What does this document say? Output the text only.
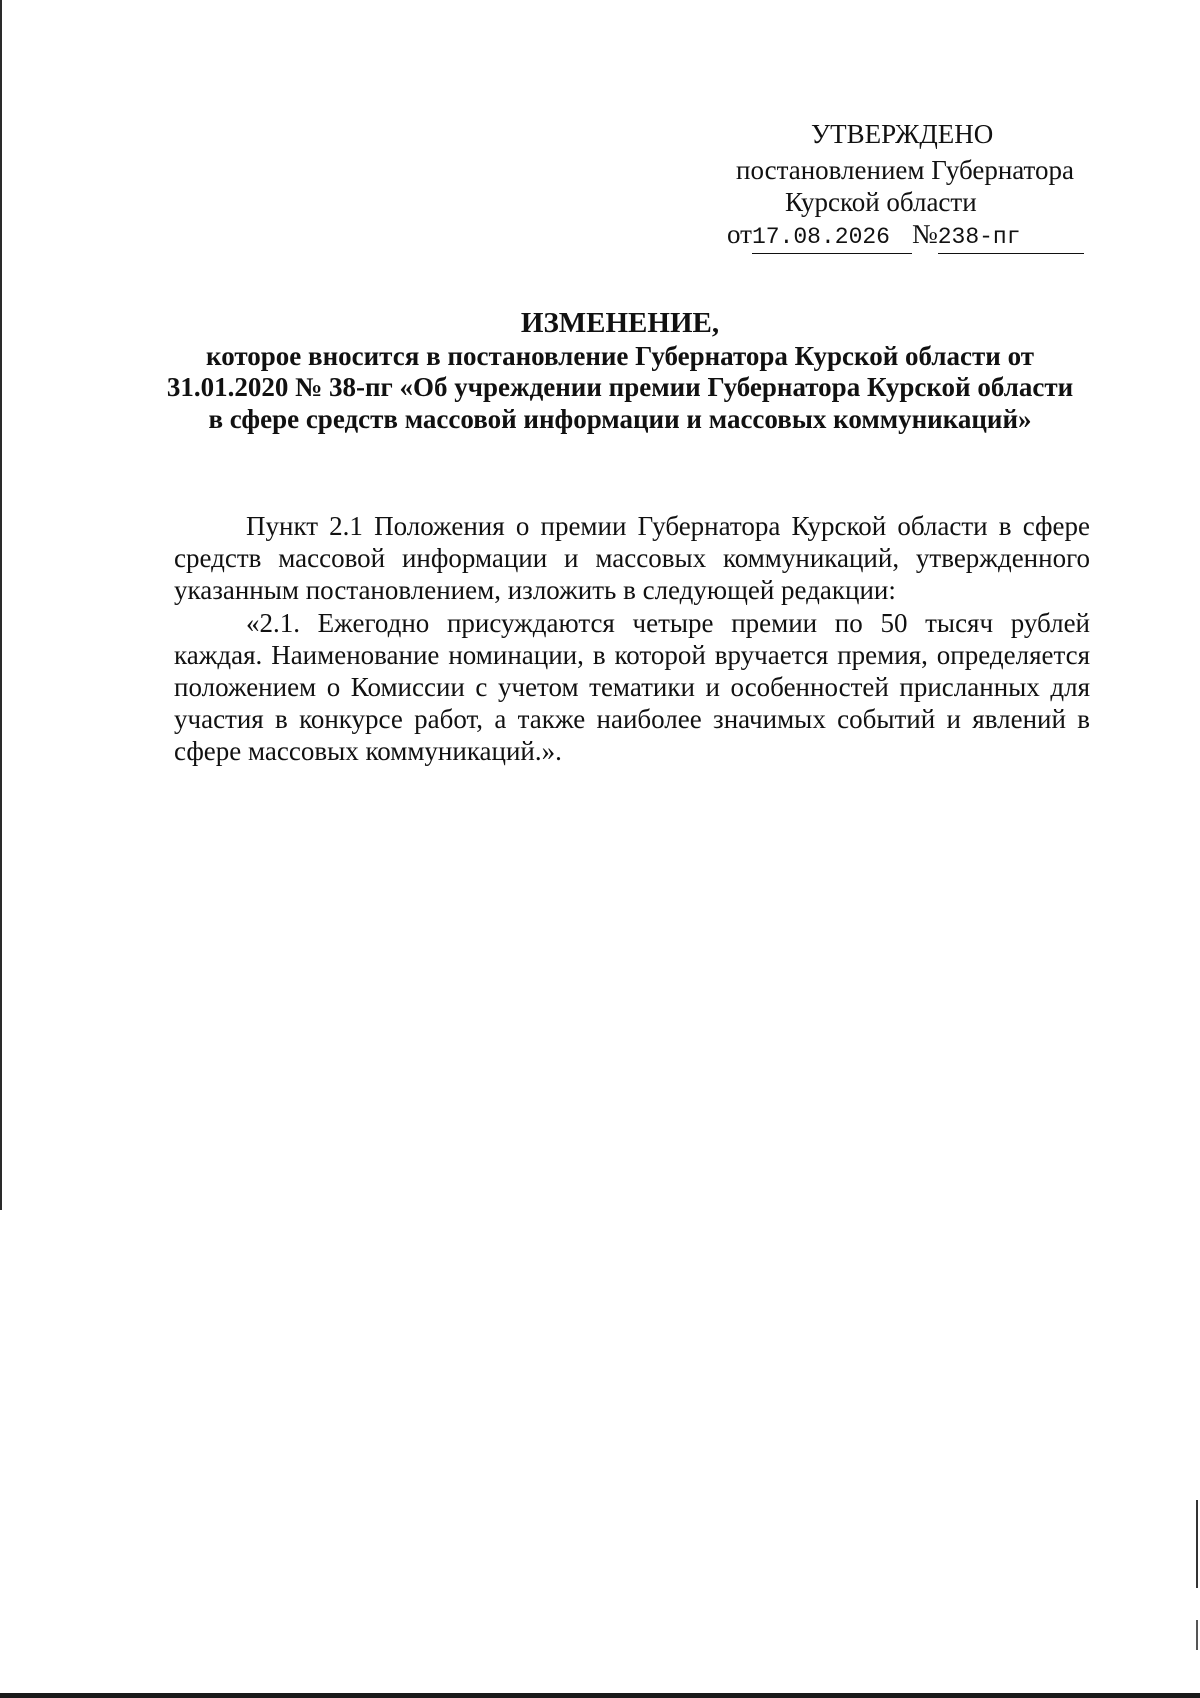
УТВЕРЖДЕНО
постановлением Губернатора
Курской области
от17.08.2026 №238-пг
ИЗМЕНЕНИЕ,
которое вносится в постановление Губернатора Курской области от 31.01.2020 № 38-пг «Об учреждении премии Губернатора Курской области в сфере средств массовой информации и массовых коммуникаций»

Пункт 2.1 Положения о премии Губернатора Курской области в сфере средств массовой информации и массовых коммуникаций, утвержденного указанным постановлением, изложить в следующей редакции:

«2.1. Ежегодно присуждаются четыре премии по 50 тысяч рублей каждая. Наименование номинации, в которой вручается премия, определяется положением о Комиссии с учетом тематики и особенностей присланных для участия в конкурсе работ, а также наиболее значимых событий и явлений в сфере массовых коммуникаций.».
